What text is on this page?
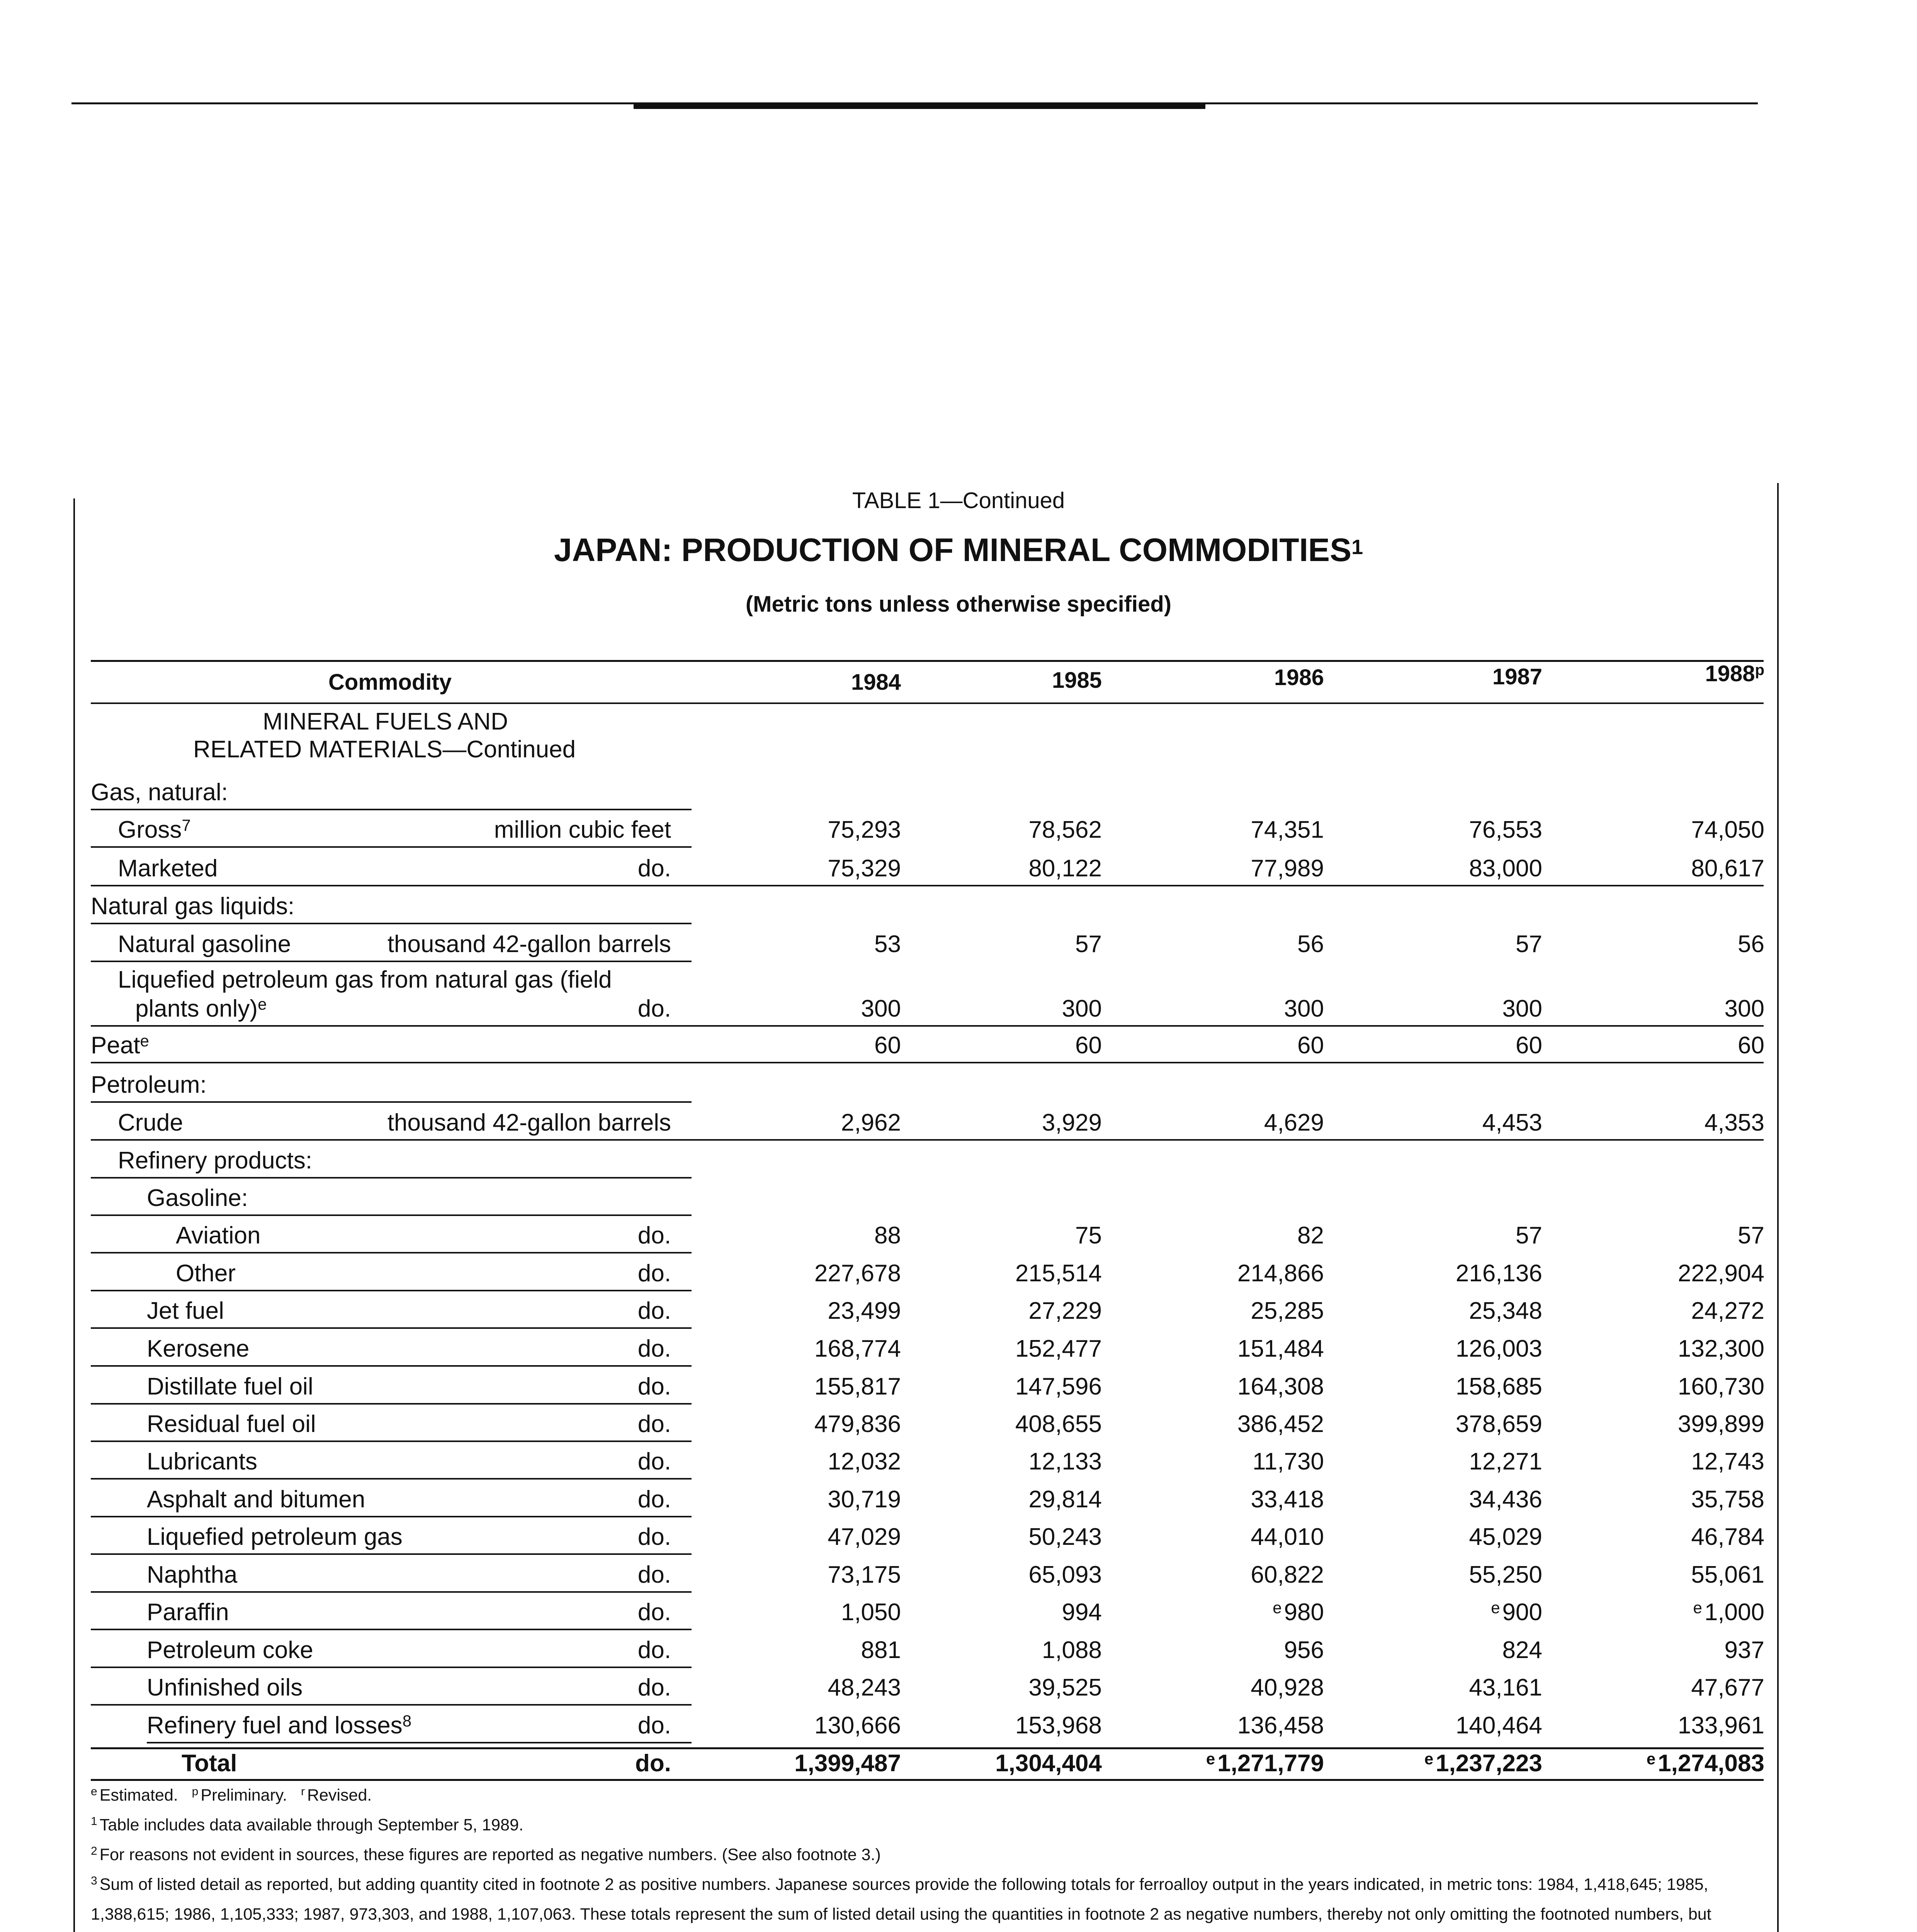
TABLE 1—Continued
JAPAN: PRODUCTION OF MINERAL COMMODITIES$^1$
(Metric tons unless otherwise specified)
Commodity	1984	1985	1986	1987	1988$^p$
MINERAL FUELS AND
RELATED MATERIALS—Continued
Gas, natural:
Gross$^7$	million cubic feet	75,293	78,562	74,351	76,553	74,050
Marketed	do.	75,329	80,122	77,989	83,000	80,617
Natural gas liquids:
Natural gasoline	thousand 42-gallon barrels	53	57	56	57	56
Liquefied petroleum gas from natural gas (field
plants only)$^e$	do.	300	300	300	300	300
Peat$^e$	60	60	60	60	60
Petroleum:
Crude	thousand 42-gallon barrels	2,962	3,929	4,629	4,453	4,353
Refinery products:
Gasoline:
Aviation	do.	88	75	82	57	57
Other	do.	227,678	215,514	214,866	216,136	222,904
Jet fuel	do.	23,499	27,229	25,285	25,348	24,272
Kerosene	do.	168,774	152,477	151,484	126,003	132,300
Distillate fuel oil	do.	155,817	147,596	164,308	158,685	160,730
Residual fuel oil	do.	479,836	408,655	386,452	378,659	399,899
Lubricants	do.	12,032	12,133	11,730	12,271	12,743
Asphalt and bitumen	do.	30,719	29,814	33,418	34,436	35,758
Liquefied petroleum gas	do.	47,029	50,243	44,010	45,029	46,784
Naphtha	do.	73,175	65,093	60,822	55,250	55,061
Paraffin	do.	1,050	994	$^e$980	$^e$900	$^e$1,000
Petroleum coke	do.	881	1,088	956	824	937
Unfinished oils	do.	48,243	39,525	40,928	43,161	47,677
Refinery fuel and losses$^8$	do.	130,666	153,968	136,458	140,464	133,961
Total	do.	1,399,487	1,304,404	$^e$1,271,779	$^e$1,237,223	$^e$1,274,083
$^e$ Estimated. $^p$ Preliminary. $^r$ Revised.
$^1$ Table includes data available through September 5, 1989.
$^2$ For reasons not evident in sources, these figures are reported as negative numbers. (See also footnote 3.)
$^3$ Sum of listed detail as reported, but adding quantity cited in footnote 2 as positive numbers. Japanese sources provide the following totals for ferroalloy output in the years indicated, in metric tons: 1984, 1,418,645; 1985, 1,388,615; 1986, 1,105,333; 1987, 973,303, and 1988, 1,107,063. These totals represent the sum of listed detail using the quantities in footnote 2 as negative numbers, thereby not only omitting the footnoted numbers, but
